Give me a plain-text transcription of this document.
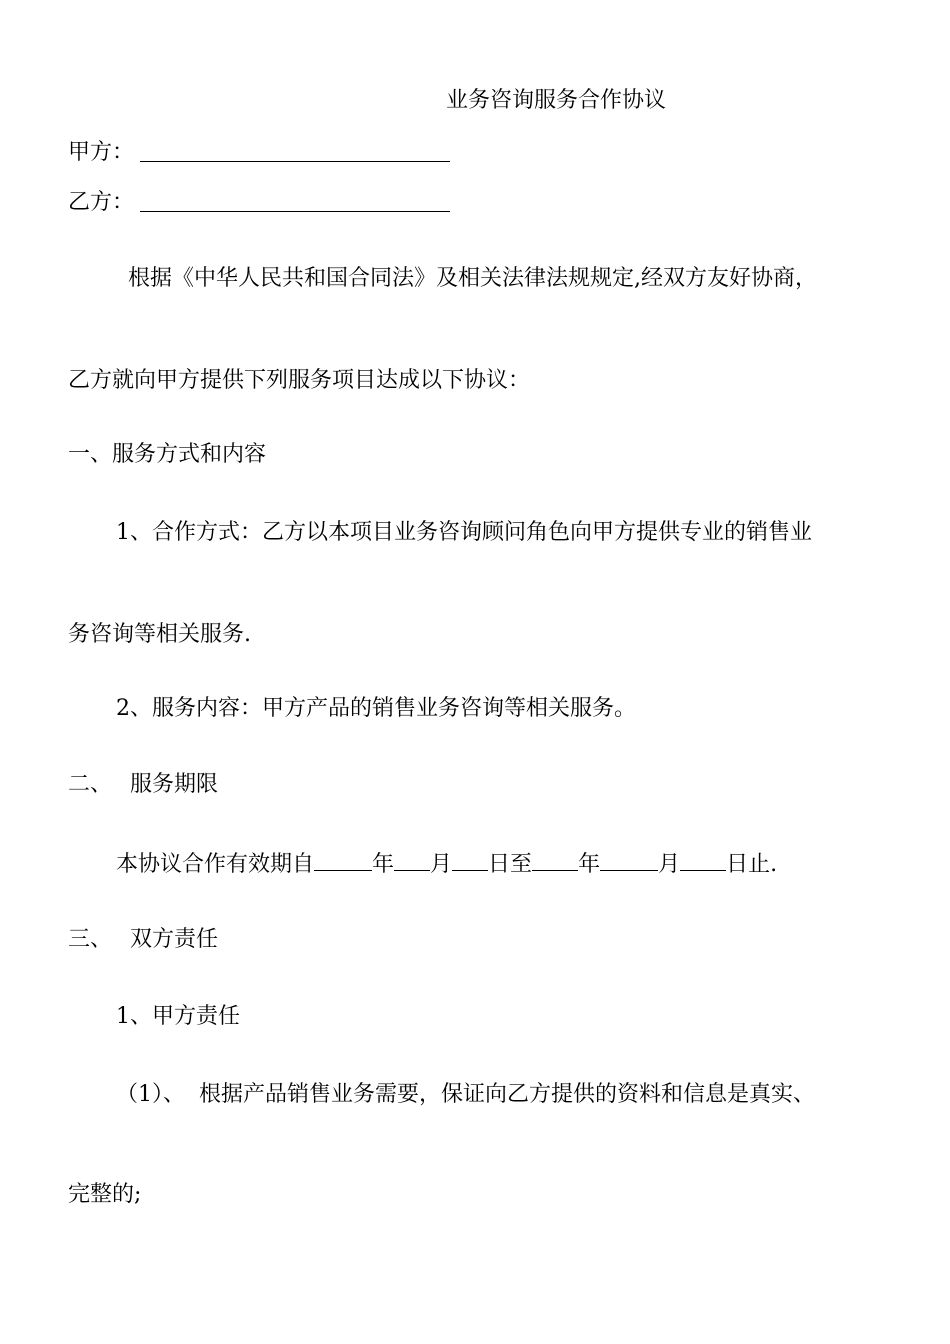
业务咨询服务合作协议
甲方：
乙方：
根据《中华人民共和国合同法》及相关法律法规规定,经双方友好协商，
乙方就向甲方提供下列服务项目达成以下协议：
一、服务方式和内容
1、合作方式：乙方以本项目业务咨询顾问角色向甲方提供专业的销售业
务咨询等相关服务.
2、服务内容：甲方产品的销售业务咨询等相关服务。
二、 服务期限
本协议合作有效期自	年 月 日至 年	月 日止.
三、 双方责任
1、甲方责任
（1）、 根据产品销售业务需要，保证向乙方提供的资料和信息是真实、
完整的;
